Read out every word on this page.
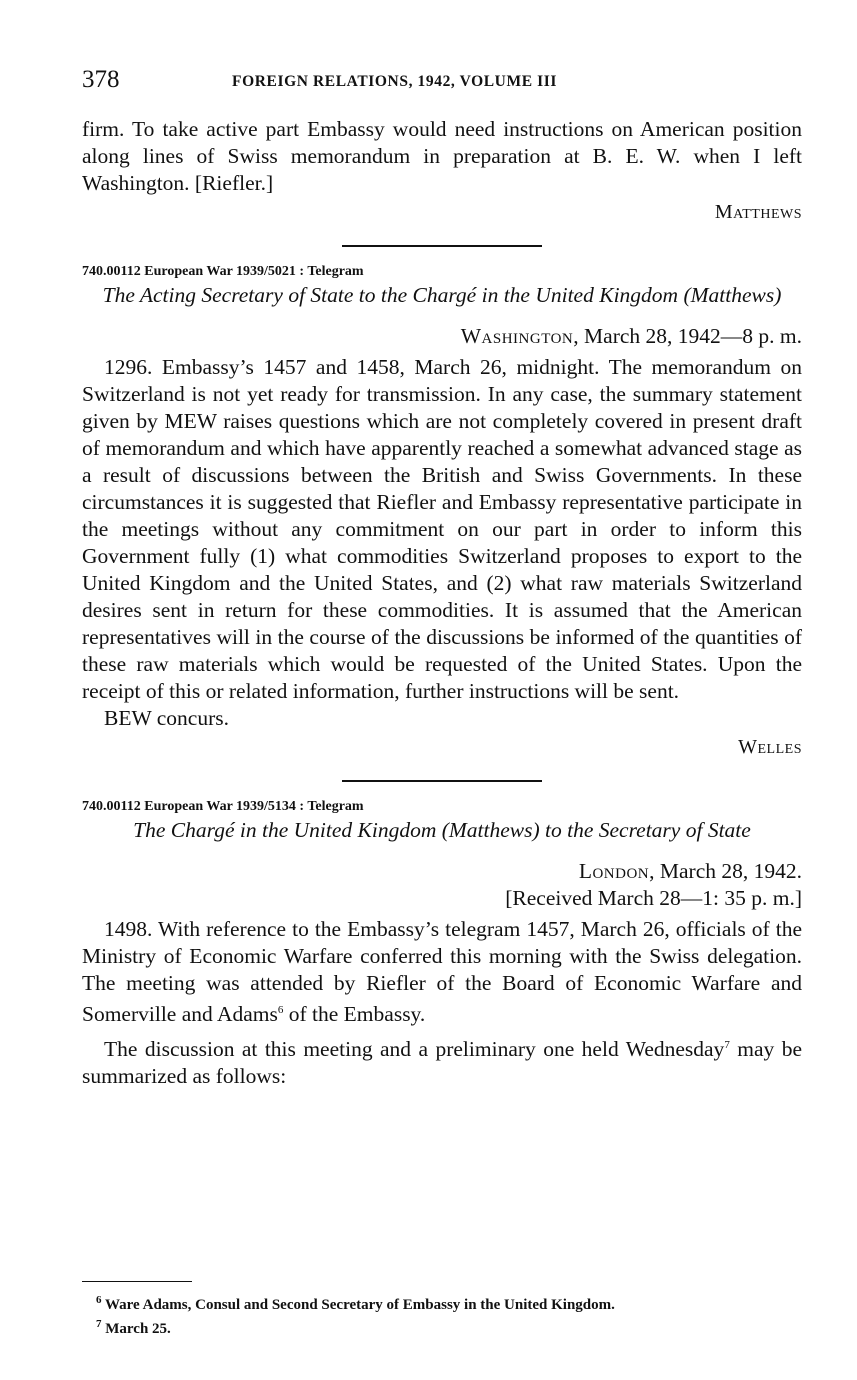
378	FOREIGN RELATIONS, 1942, VOLUME III

firm. To take active part Embassy would need instructions on American position along lines of Swiss memorandum in preparation at B. E. W. when I left Washington. [Riefler.]

Matthews

740.00112 European War 1939/5021 : Telegram

The Acting Secretary of State to the Chargé in the United Kingdom (Matthews)

Washington, March 28, 1942—8 p. m.

1296. Embassy’s 1457 and 1458, March 26, midnight. The memorandum on Switzerland is not yet ready for transmission. In any case, the summary statement given by MEW raises questions which are not completely covered in present draft of memorandum and which have apparently reached a somewhat advanced stage as a result of discussions between the British and Swiss Governments. In these circumstances it is suggested that Riefler and Embassy representative participate in the meetings without any commitment on our part in order to inform this Government fully (1) what commodities Switzerland proposes to export to the United Kingdom and the United States, and (2) what raw materials Switzerland desires sent in return for these commodities. It is assumed that the American representatives will in the course of the discussions be informed of the quantities of these raw materials which would be requested of the United States. Upon the receipt of this or related information, further instructions will be sent.

BEW concurs.

Welles

740.00112 European War 1939/5134 : Telegram

The Chargé in the United Kingdom (Matthews) to the Secretary of State

London, March 28, 1942.

[Received March 28—1: 35 p. m.]

1498. With reference to the Embassy’s telegram 1457, March 26, officials of the Ministry of Economic Warfare conferred this morning with the Swiss delegation. The meeting was attended by Riefler of the Board of Economic Warfare and Somerville and Adams$^6$ of the Embassy.

The discussion at this meeting and a preliminary one held Wednesday$^7$ may be summarized as follows:

$^6$ Ware Adams, Consul and Second Secretary of Embassy in the United Kingdom.

$^7$ March 25.
